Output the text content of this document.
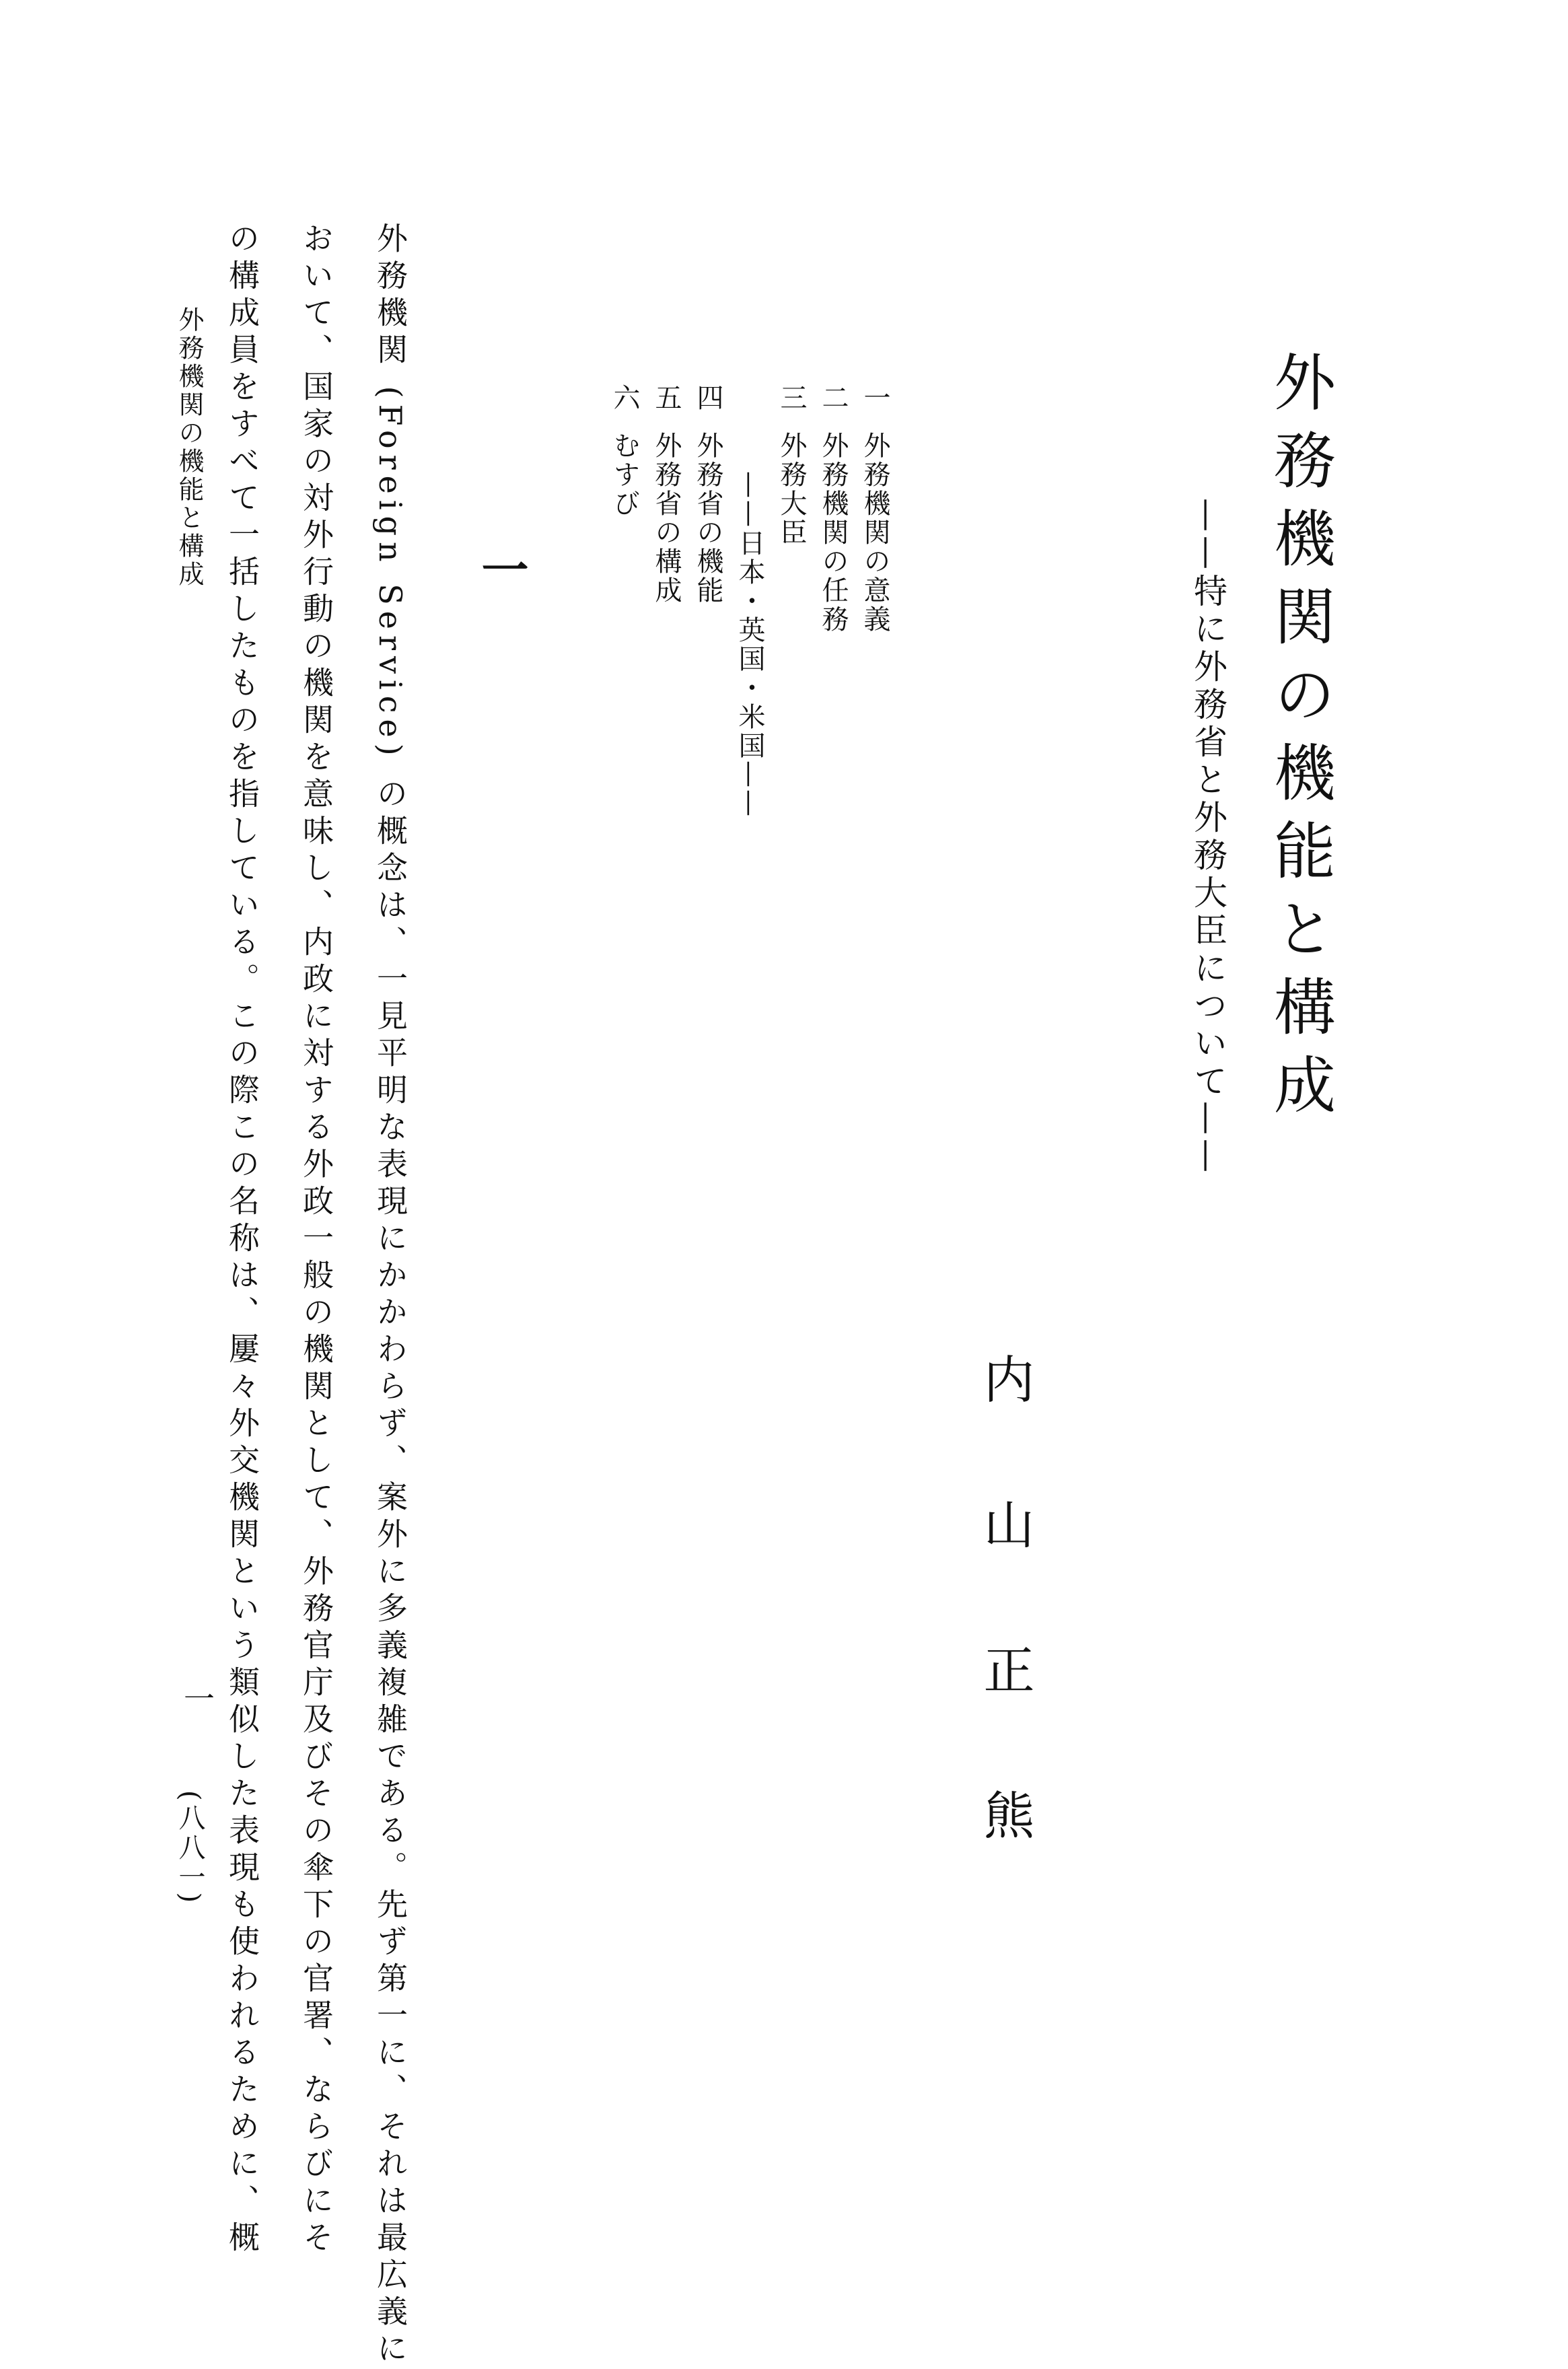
外務機関の機能と構成
——特に外務省と外務大臣について——
内山正熊
一
外務機関の意義
二
外務機関の任務
三
外務大臣
——日本・英国・米国——
四
外務省の機能
五
外務省の構成
六
むすび
一
外務機関 (Foreign Service) の概念は、一見平明な表現にかかわらず、案外に多義複雑である。先ず第一に、それは最広義に
おいて、国家の対外行動の機関を意味し、内政に対する外政一般の機関として、外務官庁及びその傘下の官署、ならびにそ
の構成員をすべて一括したものを指している。この際この名称は、屢々外交機関という類似した表現も使われるために、概
外務機関の機能と構成
一
(八八一)
